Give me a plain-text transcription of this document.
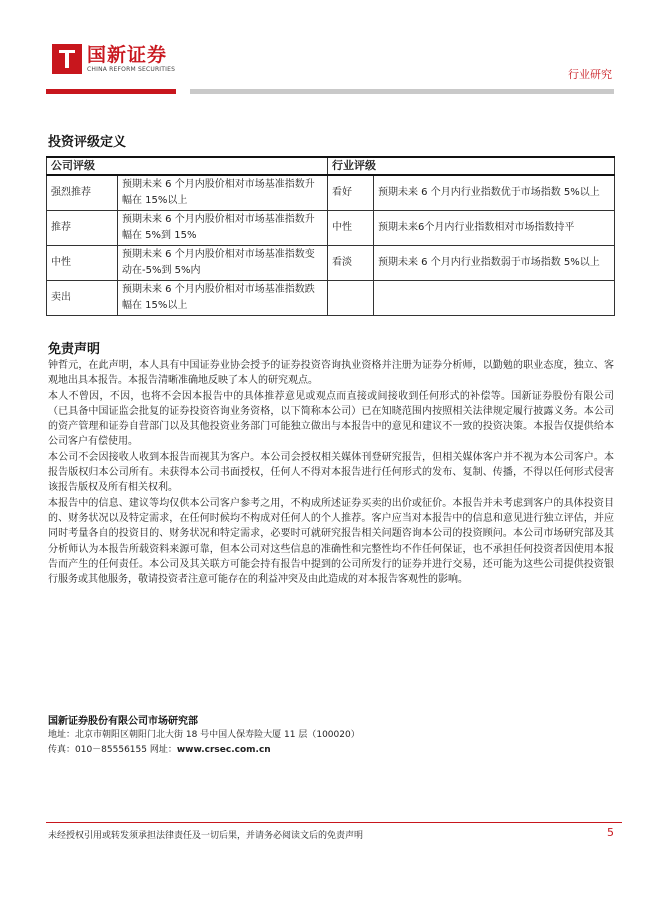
国新证券
CHINA REFORM SECURITIES	行业研究
投资评级定义
公司评级		行业评级	
强烈推荐	预期未来 6 个月内股价相对市场基准指数升幅在 15%以上	看好	预期未来 6 个月内行业指数优于市场指数 5%以上
推荐	预期未来 6 个月内股价相对市场基准指数升幅在 5%到 15%	中性	预期未来6个月内行业指数相对市场指数持平
中性	预期未来 6 个月内股价相对市场基准指数变动在-5%到 5%内	看淡	预期未来 6 个月内行业指数弱于市场指数 5%以上
卖出	预期未来 6 个月内股价相对市场基准指数跌幅在 15%以上		
免责声明

钟哲元，在此声明，本人具有中国证券业协会授予的证券投资咨询执业资格并注册为证券分析师，以勤勉的职业态度，独立、客观地出具本报告。本报告清晰准确地反映了本人的研究观点。

本人不曾因，不因，也将不会因本报告中的具体推荐意见或观点而直接或间接收到任何形式的补偿等。国新证券股份有限公司（已具备中国证监会批复的证券投资咨询业务资格，以下简称本公司）已在知晓范围内按照相关法律规定履行披露义务。本公司的资产管理和证券自营部门以及其他投资业务部门可能独立做出与本报告中的意见和建议不一致的投资决策。本报告仅提供给本公司客户有偿使用。

本公司不会因接收人收到本报告而视其为客户。本公司会授权相关媒体刊登研究报告，但相关媒体客户并不视为本公司客户。本报告版权归本公司所有。未获得本公司书面授权，任何人不得对本报告进行任何形式的发布、复制、传播，不得以任何形式侵害该报告版权及所有相关权利。

本报告中的信息、建议等均仅供本公司客户参考之用，不构成所述证券买卖的出价或征价。本报告并未考虑到客户的具体投资目的、财务状况以及特定需求，在任何时候均不构成对任何人的个人推荐。客户应当对本报告中的信息和意见进行独立评估，并应同时考量各自的投资目的、财务状况和特定需求，必要时可就研究报告相关问题咨询本公司的投资顾问。本公司市场研究部及其分析师认为本报告所载资料来源可靠，但本公司对这些信息的准确性和完整性均不作任何保证，也不承担任何投资者因使用本报告而产生的任何责任。本公司及其关联方可能会持有报告中提到的公司所发行的证券并进行交易，还可能为这些公司提供投资银行服务或其他服务，敬请投资者注意可能存在的利益冲突及由此造成的对本报告客观性的影响。

国新证券股份有限公司市场研究部
地址：北京市朝阳区朝阳门北大街 18 号中国人保寿险大厦 11 层（100020）
传真：010－85556155 网址：www.crsec.com.cn
未经授权引用或转发须承担法律责任及一切后果，并请务必阅读文后的免责声明	5
